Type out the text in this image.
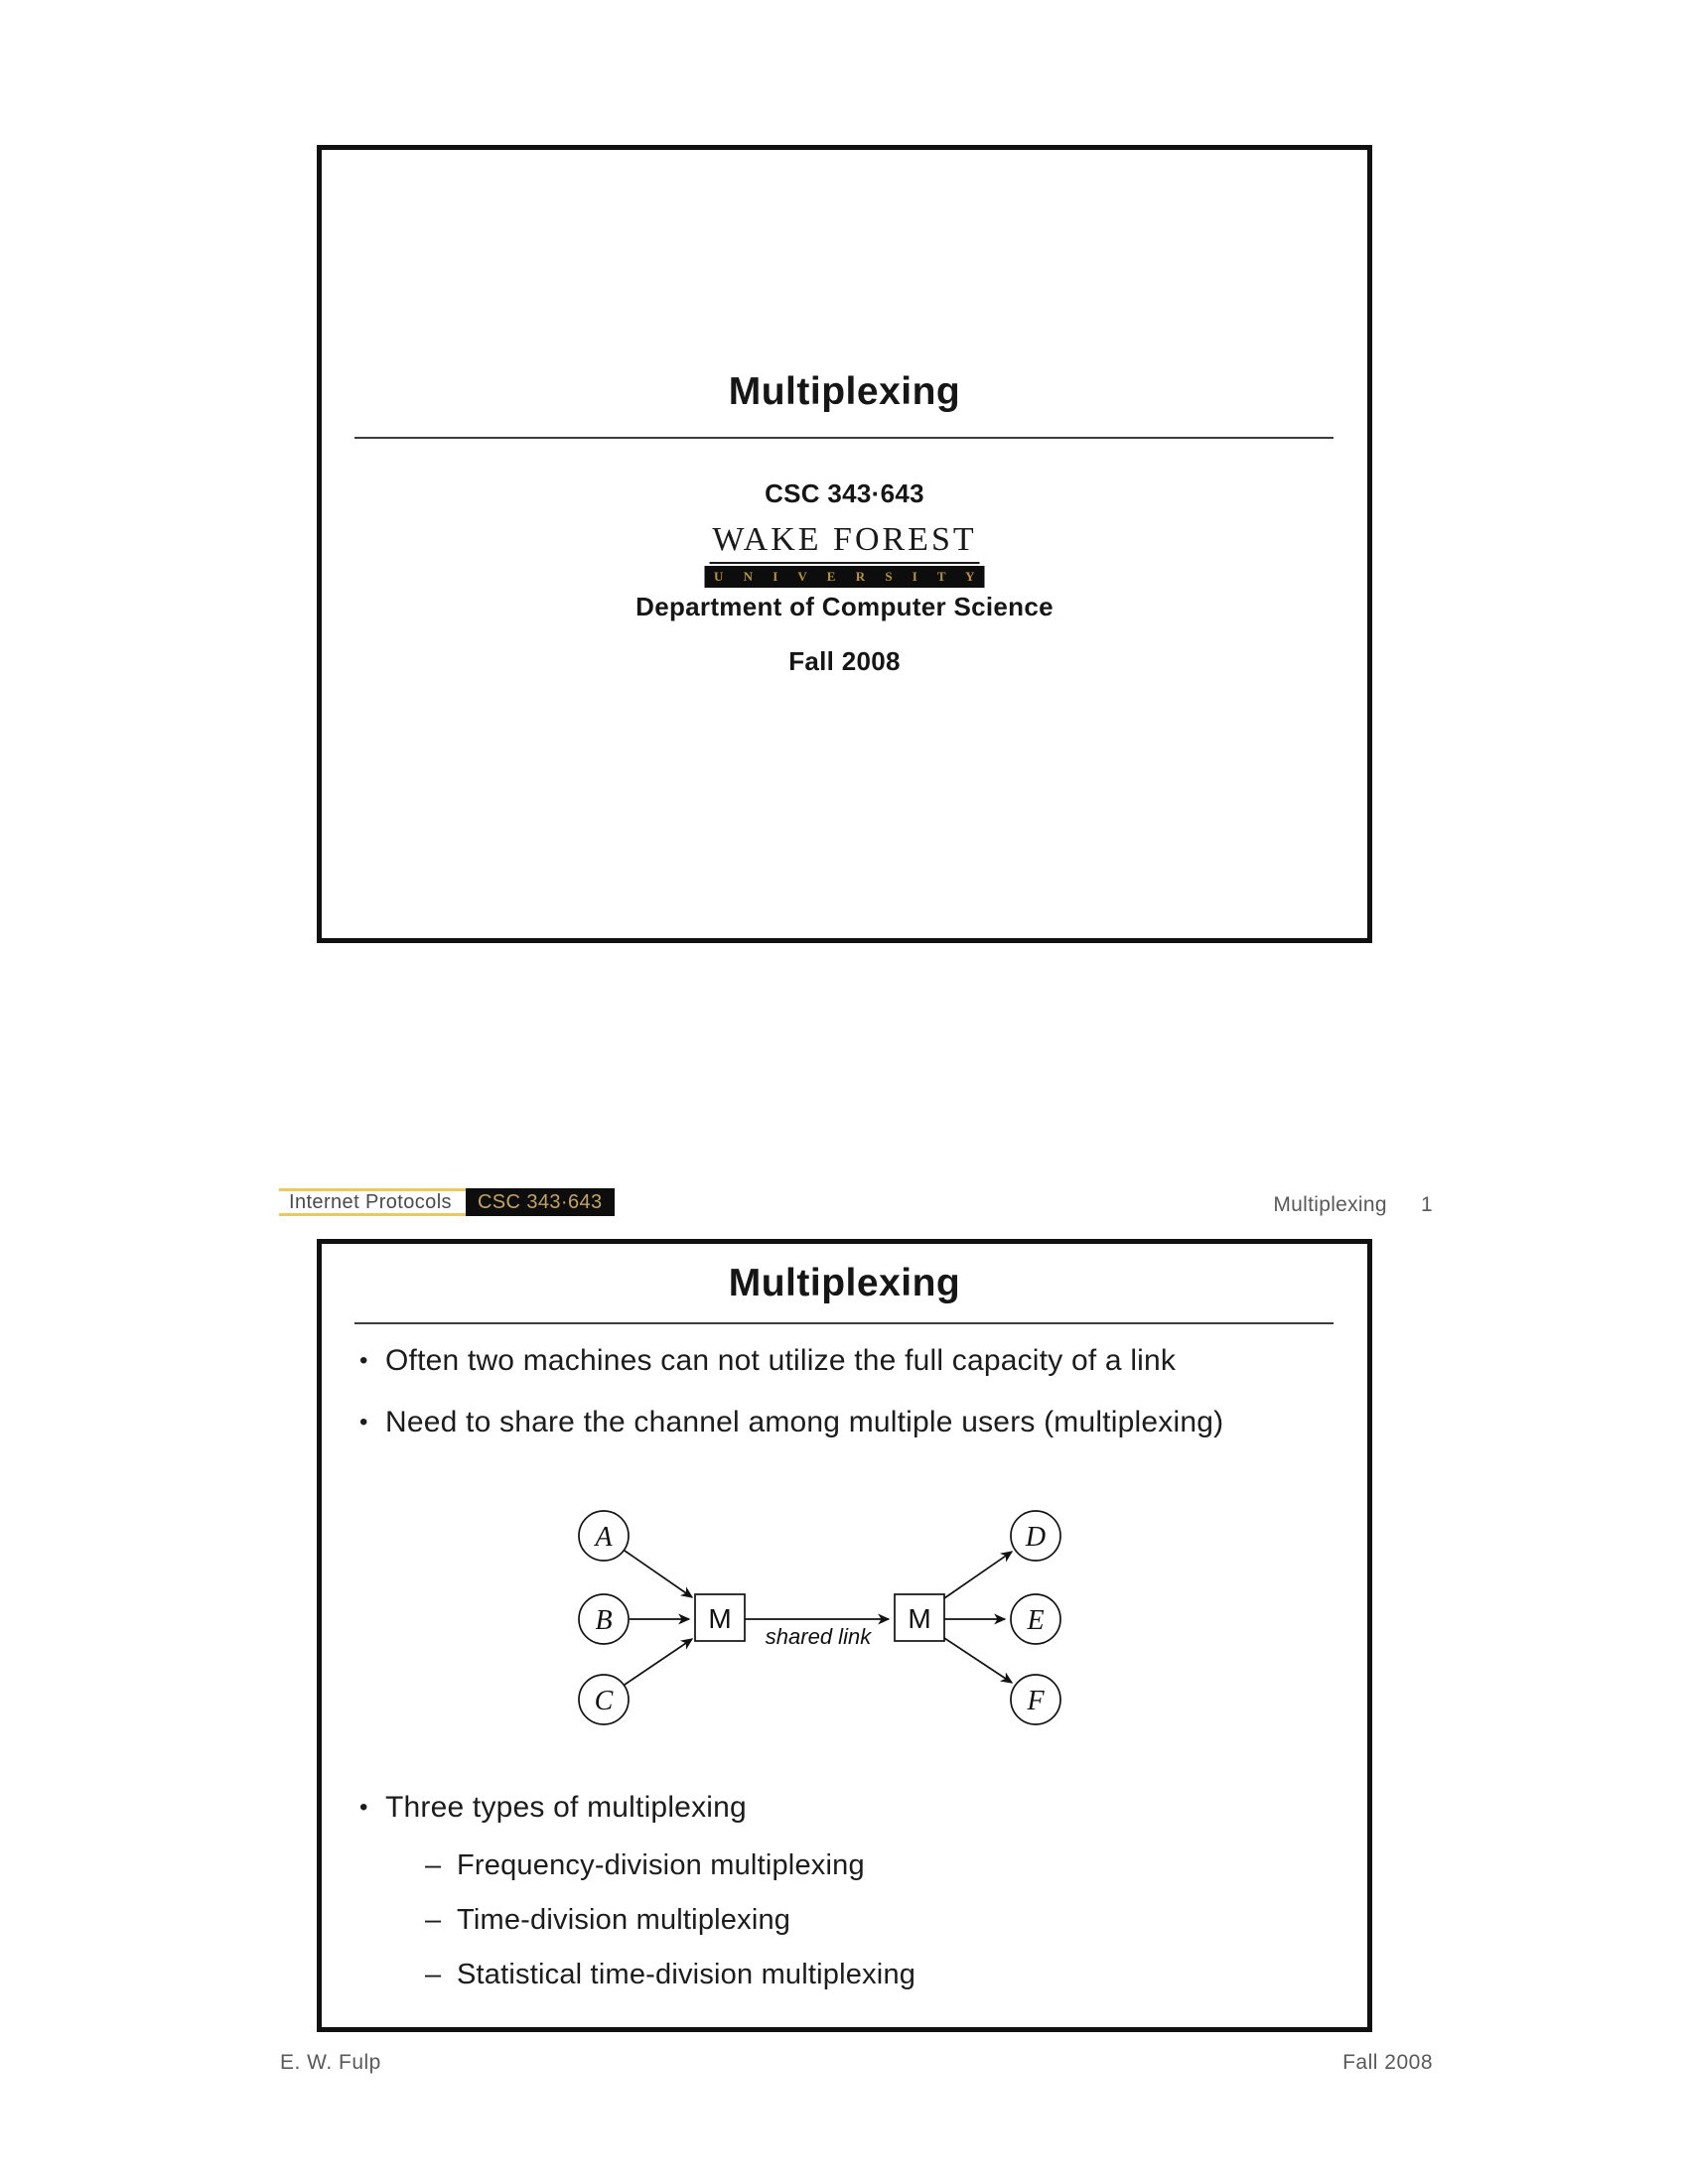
Multiplexing
CSC 343·643
WAKE FOREST
U N I V E R S I T Y
Department of Computer Science
Fall 2008
Internet Protocols	CSC 343·643	Multiplexing 1
Multiplexing
• Often two machines can not utilize the full capacity of a link
• Need to share the channel among multiple users (multiplexing)
A
B
C
D
E
F
M	M
shared link
• Three types of multiplexing
– Frequency-division multiplexing
– Time-division multiplexing
– Statistical time-division multiplexing
E. W. Fulp	Fall 2008
